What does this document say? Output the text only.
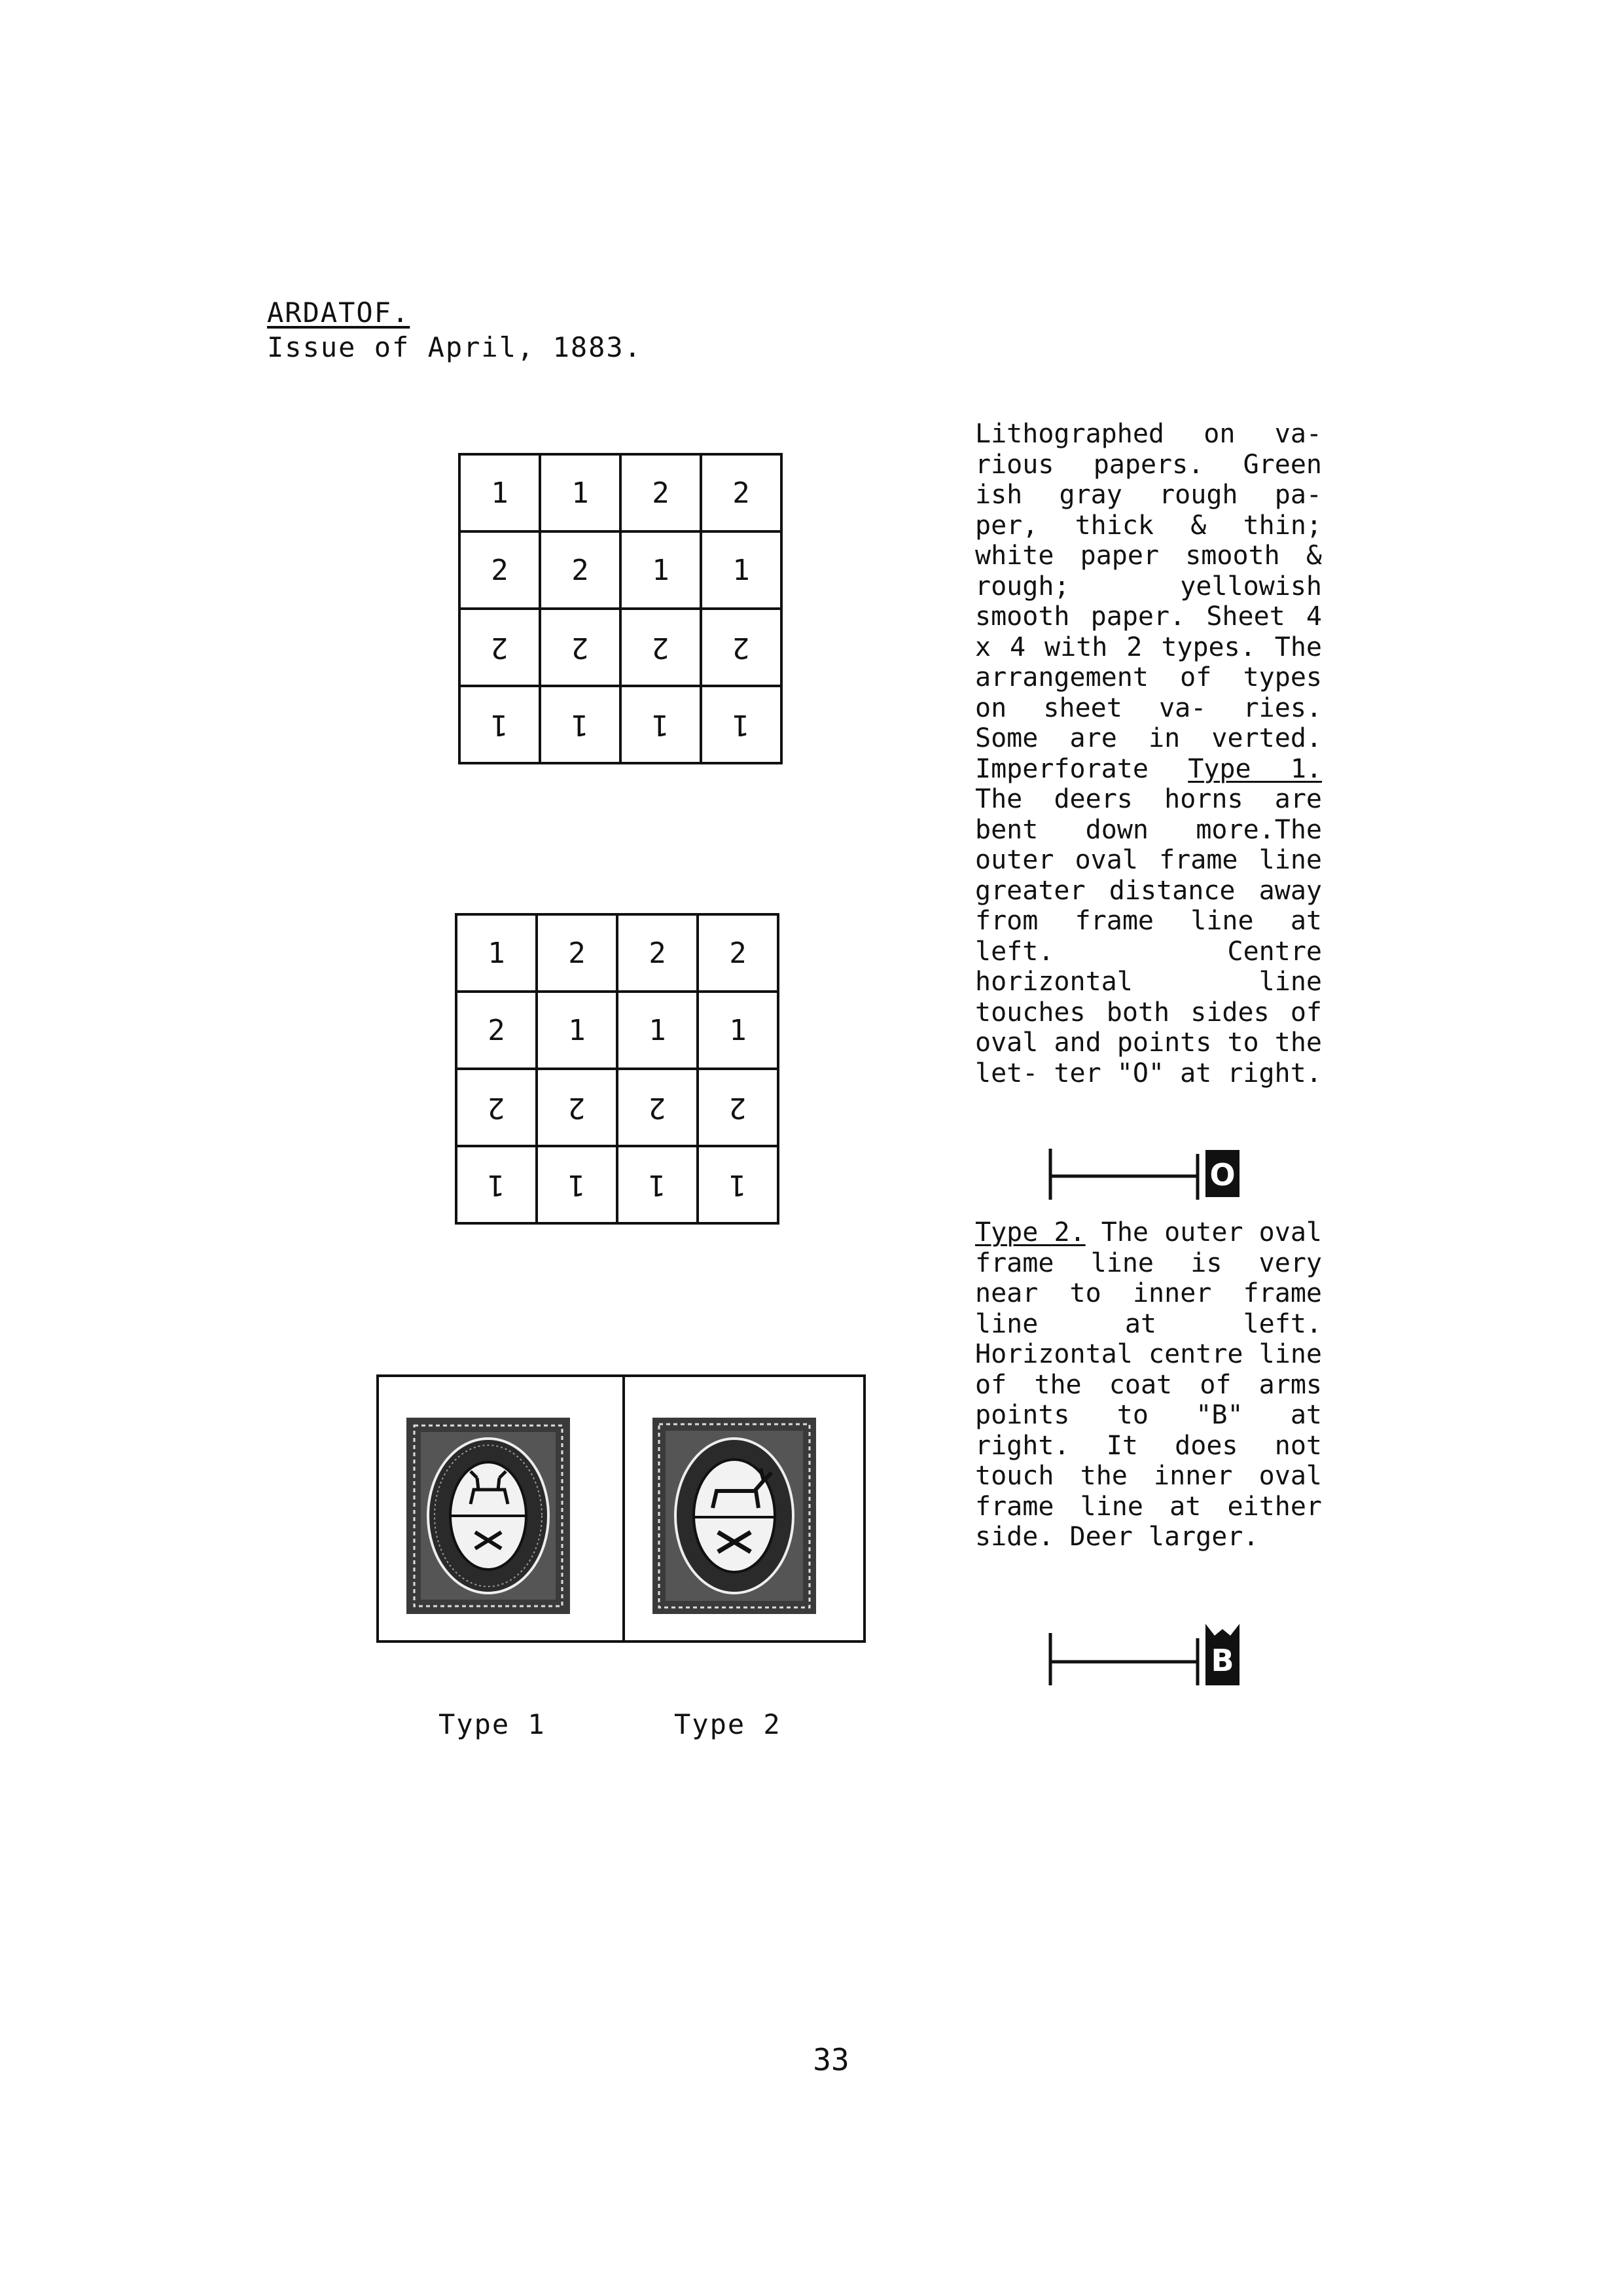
ARDATOF.
Issue of April, 1883.
1	1	2	2
2	2	1	1
2	2	2	2
1	1	1	1
1	2	2	2
2	1	1	1
2	2	2	2
1	1	1	1
Type 1	Type 2

Lithographed on va- rious papers. Green ish gray rough pa- per, thick & thin; white paper smooth & rough; yellowish smooth paper. Sheet 4 x 4 with 2 types. The arrangement of types on sheet va- ries. Some are in verted. Imperforate Type 1. The deers horns are bent down more.The outer oval frame line greater distance away from frame line at left. Centre horizontal line touches both sides of oval and points to the let- ter "O" at right.

O

Type 2. The outer oval frame line is very near to inner frame line at left. Horizontal centre line of the coat of arms points to "B" at right. It does not touch the inner oval frame line at either side. Deer larger.

B
33
